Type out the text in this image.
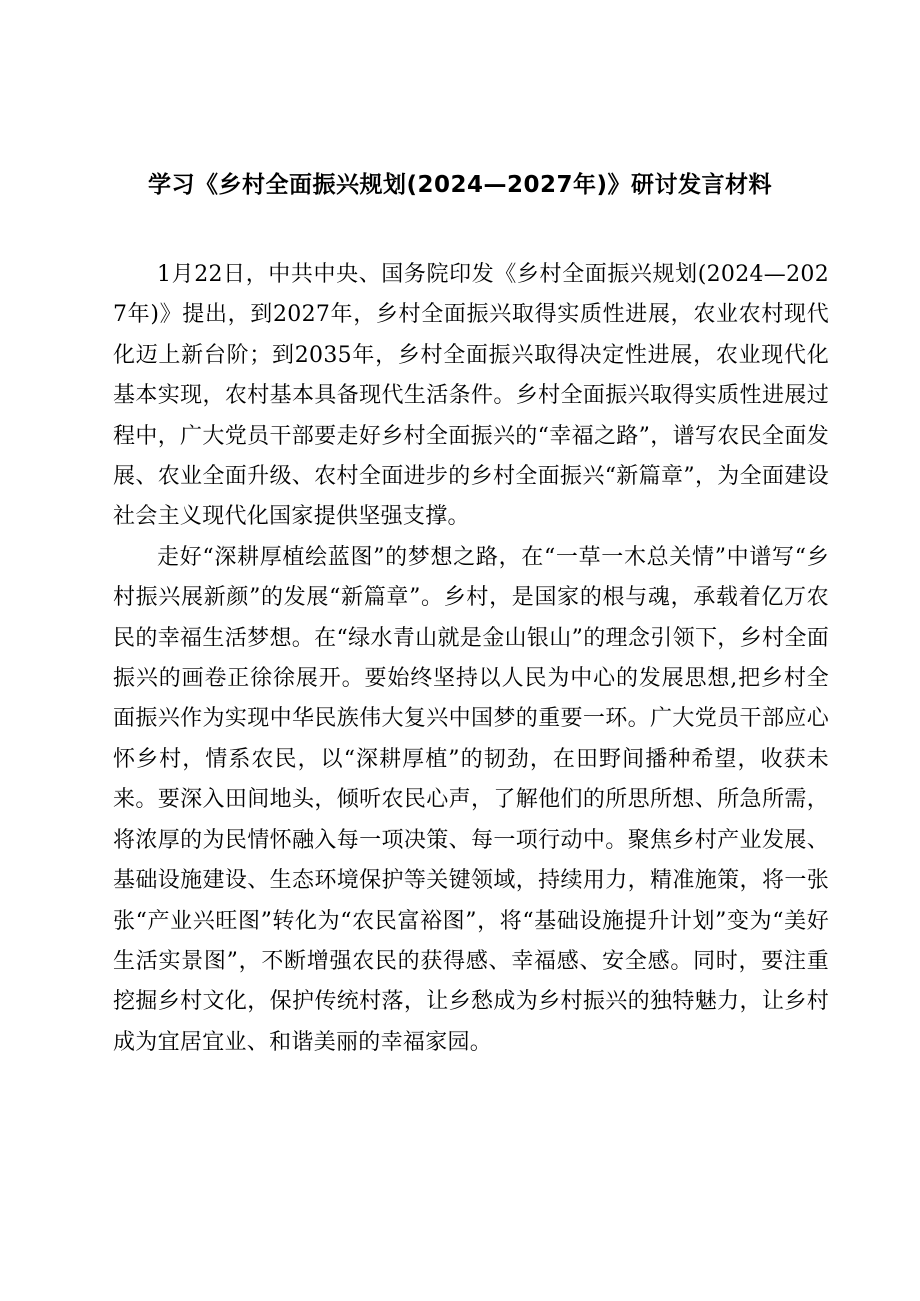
学习《乡村全面振兴规划(2024—2027年)》研讨发言材料

1月22日，中共中央、国务院印发《乡村全面振兴规划(2024—2027年)》提出，到2027年，乡村全面振兴取得实质性进展，农业农村现代化迈上新台阶；到2035年，乡村全面振兴取得决定性进展，农业现代化基本实现，农村基本具备现代生活条件。乡村全面振兴取得实质性进展过程中，广大党员干部要走好乡村全面振兴的“幸福之路”，谱写农民全面发展、农业全面升级、农村全面进步的乡村全面振兴“新篇章”，为全面建设社会主义现代化国家提供坚强支撑。

走好“深耕厚植绘蓝图”的梦想之路，在“一草一木总关情”中谱写“乡村振兴展新颜”的发展“新篇章”。乡村，是国家的根与魂，承载着亿万农民的幸福生活梦想。在“绿水青山就是金山银山”的理念引领下，乡村全面振兴的画卷正徐徐展开。要始终坚持以人民为中心的发展思想,把乡村全面振兴作为实现中华民族伟大复兴中国梦的重要一环。广大党员干部应心怀乡村，情系农民，以“深耕厚植”的韧劲，在田野间播种希望，收获未来。要深入田间地头，倾听农民心声，了解他们的所思所想、所急所需，将浓厚的为民情怀融入每一项决策、每一项行动中。聚焦乡村产业发展、基础设施建设、生态环境保护等关键领域，持续用力，精准施策，将一张张“产业兴旺图”转化为“农民富裕图”，将“基础设施提升计划”变为“美好生活实景图”，不断增强农民的获得感、幸福感、安全感。同时，要注重挖掘乡村文化，保护传统村落，让乡愁成为乡村振兴的独特魅力，让乡村成为宜居宜业、和谐美丽的幸福家园。
